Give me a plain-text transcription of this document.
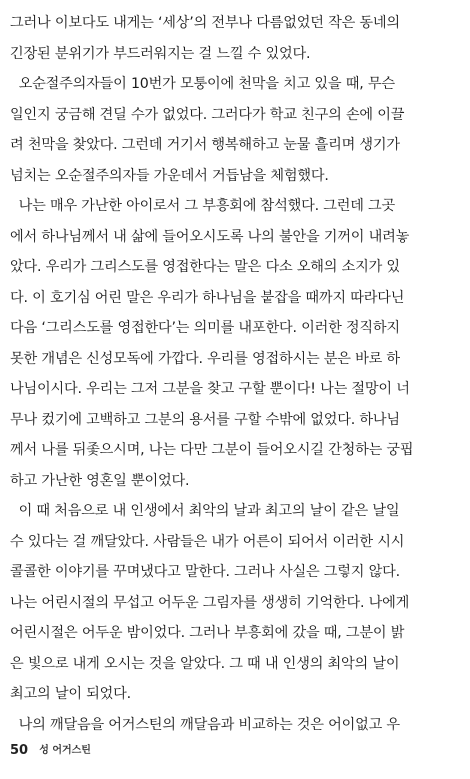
그러나 이보다도 내게는 ‘세상’의 전부나 다름없었던 작은 동네의
긴장된 분위기가 부드러워지는 걸 느낄 수 있었다.
오순절주의자들이 10번가 모퉁이에 천막을 치고 있을 때, 무슨
일인지 궁금해 견딜 수가 없었다. 그러다가 학교 친구의 손에 이끌
려 천막을 찾았다. 그런데 거기서 행복해하고 눈물 흘리며 생기가
넘치는 오순절주의자들 가운데서 거듭남을 체험했다.
나는 매우 가난한 아이로서 그 부흥회에 참석했다. 그런데 그곳
에서 하나님께서 내 삶에 들어오시도록 나의 불안을 기꺼이 내려놓
았다. 우리가 그리스도를 영접한다는 말은 다소 오해의 소지가 있
다. 이 호기심 어린 말은 우리가 하나님을 붙잡을 때까지 따라다닌
다음 ‘그리스도를 영접한다’는 의미를 내포한다. 이러한 정직하지
못한 개념은 신성모독에 가깝다. 우리를 영접하시는 분은 바로 하
나님이시다. 우리는 그저 그분을 찾고 구할 뿐이다! 나는 절망이 너
무나 컸기에 고백하고 그분의 용서를 구할 수밖에 없었다. 하나님
께서 나를 뒤좇으시며, 나는 다만 그분이 들어오시길 간청하는 궁핍
하고 가난한 영혼일 뿐이었다.
이 때 처음으로 내 인생에서 최악의 날과 최고의 날이 같은 날일
수 있다는 걸 깨달았다. 사람들은 내가 어른이 되어서 이러한 시시
콜콜한 이야기를 꾸며냈다고 말한다. 그러나 사실은 그렇지 않다.
나는 어린시절의 무섭고 어두운 그림자를 생생히 기억한다. 나에게
어린시절은 어두운 밤이었다. 그러나 부흥회에 갔을 때, 그분이 밝
은 빛으로 내게 오시는 것을 알았다. 그 때 내 인생의 최악의 날이
최고의 날이 되었다.
나의 깨달음을 어거스틴의 깨달음과 비교하는 것은 어이없고 우
50 성 어거스틴
